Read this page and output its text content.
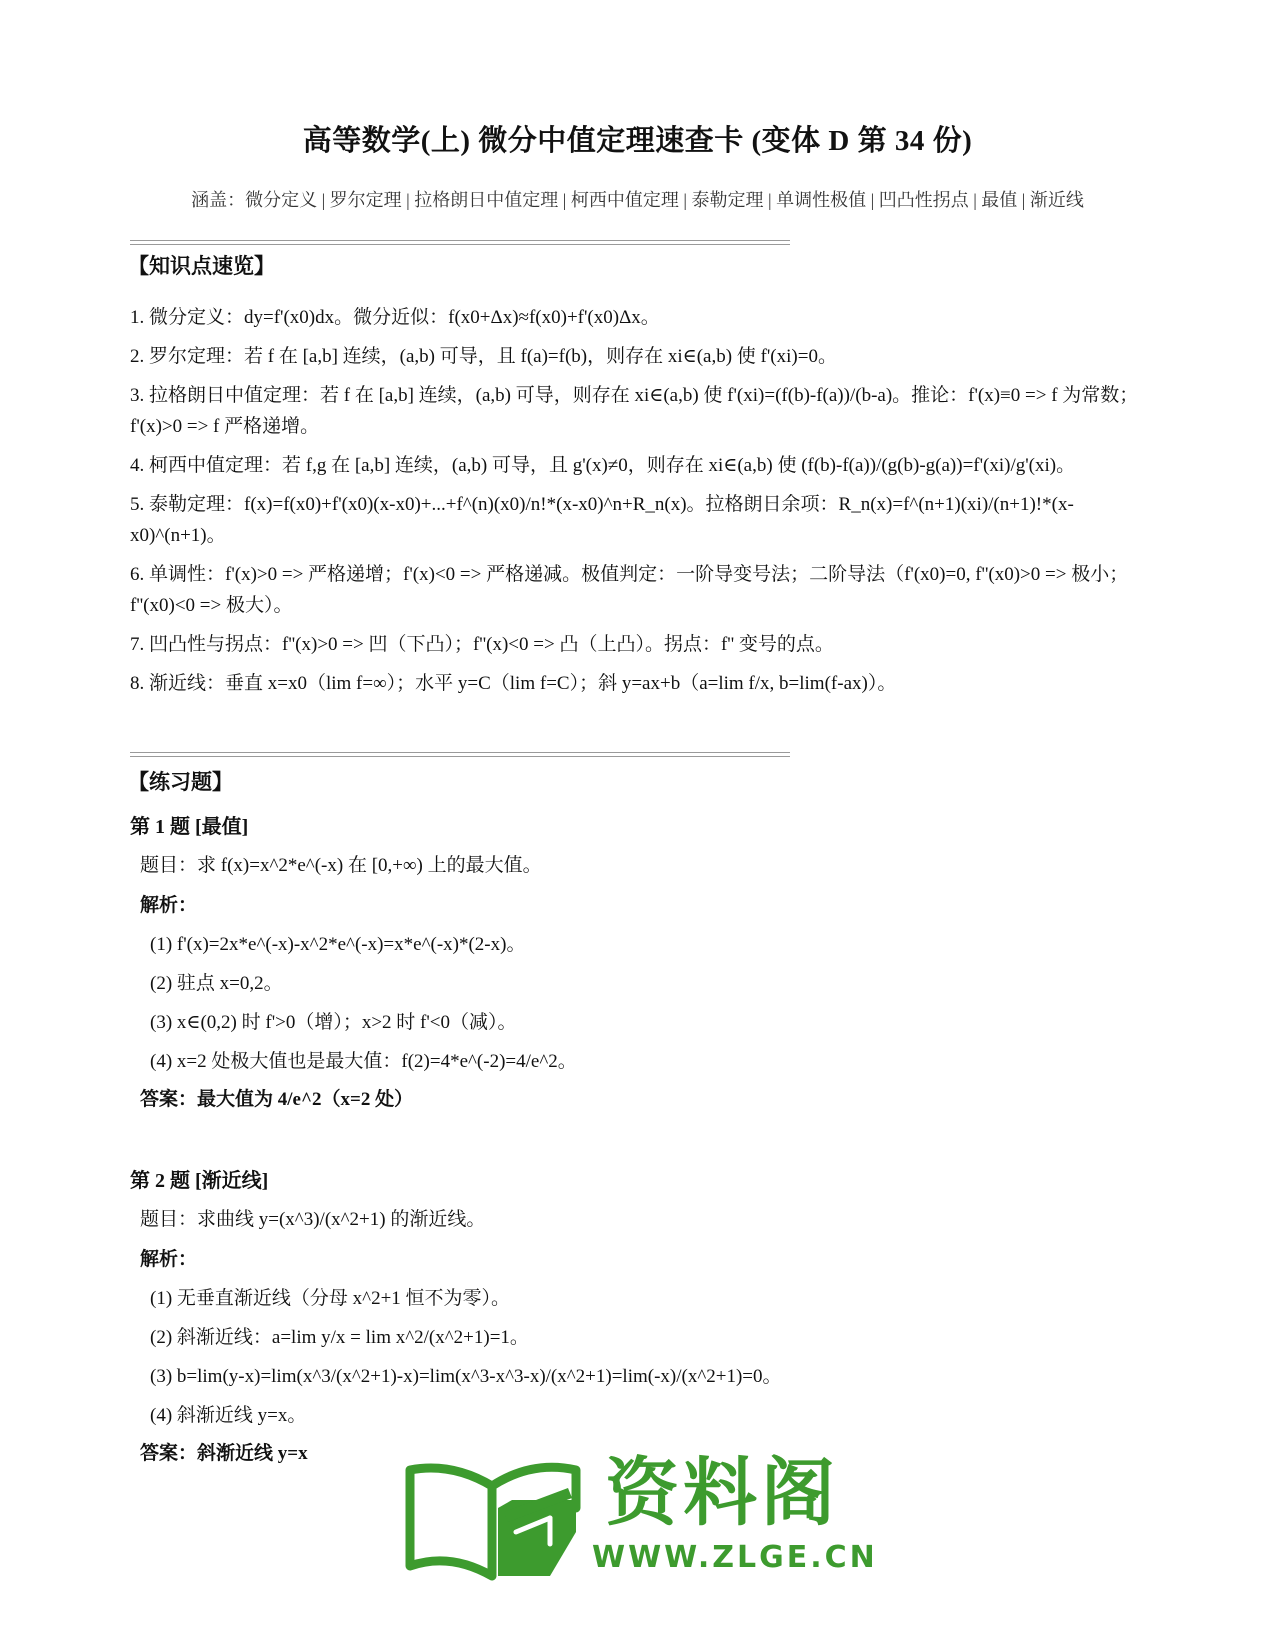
高等数学(上) 微分中值定理速查卡 (变体 D 第 34 份)
涵盖：微分定义 | 罗尔定理 | 拉格朗日中值定理 | 柯西中值定理 | 泰勒定理 | 单调性极值 | 凹凸性拐点 | 最值 | 渐近线
【知识点速览】
1. 微分定义：dy=f'(x0)dx。微分近似：f(x0+Δx)≈f(x0)+f'(x0)Δx。
2. 罗尔定理：若 f 在 [a,b] 连续，(a,b) 可导，且 f(a)=f(b)，则存在 xi∈(a,b) 使 f'(xi)=0。
3. 拉格朗日中值定理：若 f 在 [a,b] 连续，(a,b) 可导，则存在 xi∈(a,b) 使 f'(xi)=(f(b)-f(a))/(b-a)。推论：f'(x)≡0 => f 为常数；f'(x)>0 => f 严格递增。
4. 柯西中值定理：若 f,g 在 [a,b] 连续，(a,b) 可导，且 g'(x)≠0，则存在 xi∈(a,b) 使 (f(b)-f(a))/(g(b)-g(a))=f'(xi)/g'(xi)。
5. 泰勒定理：f(x)=f(x0)+f'(x0)(x-x0)+...+f^(n)(x0)/n!*(x-x0)^n+R_n(x)。拉格朗日余项：R_n(x)=f^(n+1)(xi)/(n+1)!*(x-x0)^(n+1)。
6. 单调性：f'(x)>0 => 严格递增；f'(x)<0 => 严格递减。极值判定：一阶导变号法；二阶导法（f'(x0)=0, f''(x0)>0 => 极小；f''(x0)<0 => 极大）。
7. 凹凸性与拐点：f''(x)>0 => 凹（下凸）；f''(x)<0 => 凸（上凸）。拐点：f'' 变号的点。
8. 渐近线：垂直 x=x0（lim f=∞）；水平 y=C（lim f=C）；斜 y=ax+b（a=lim f/x, b=lim(f-ax)）。
【练习题】
第 1 题 [最值]
题目：求 f(x)=x^2*e^(-x) 在 [0,+∞) 上的最大值。
解析：
(1) f'(x)=2x*e^(-x)-x^2*e^(-x)=x*e^(-x)*(2-x)。
(2) 驻点 x=0,2。
(3) x∈(0,2) 时 f'>0（增）；x>2 时 f'<0（减）。
(4) x=2 处极大值也是最大值：f(2)=4*e^(-2)=4/e^2。
答案：最大值为 4/e^2（x=2 处）
第 2 题 [渐近线]
题目：求曲线 y=(x^3)/(x^2+1) 的渐近线。
解析：
(1) 无垂直渐近线（分母 x^2+1 恒不为零）。
(2) 斜渐近线：a=lim y/x = lim x^2/(x^2+1)=1。
(3) b=lim(y-x)=lim(x^3/(x^2+1)-x)=lim(x^3-x^3-x)/(x^2+1)=lim(-x)/(x^2+1)=0。
(4) 斜渐近线 y=x。
答案：斜渐近线 y=x	资料阁
WWW.ZLGE.CN
